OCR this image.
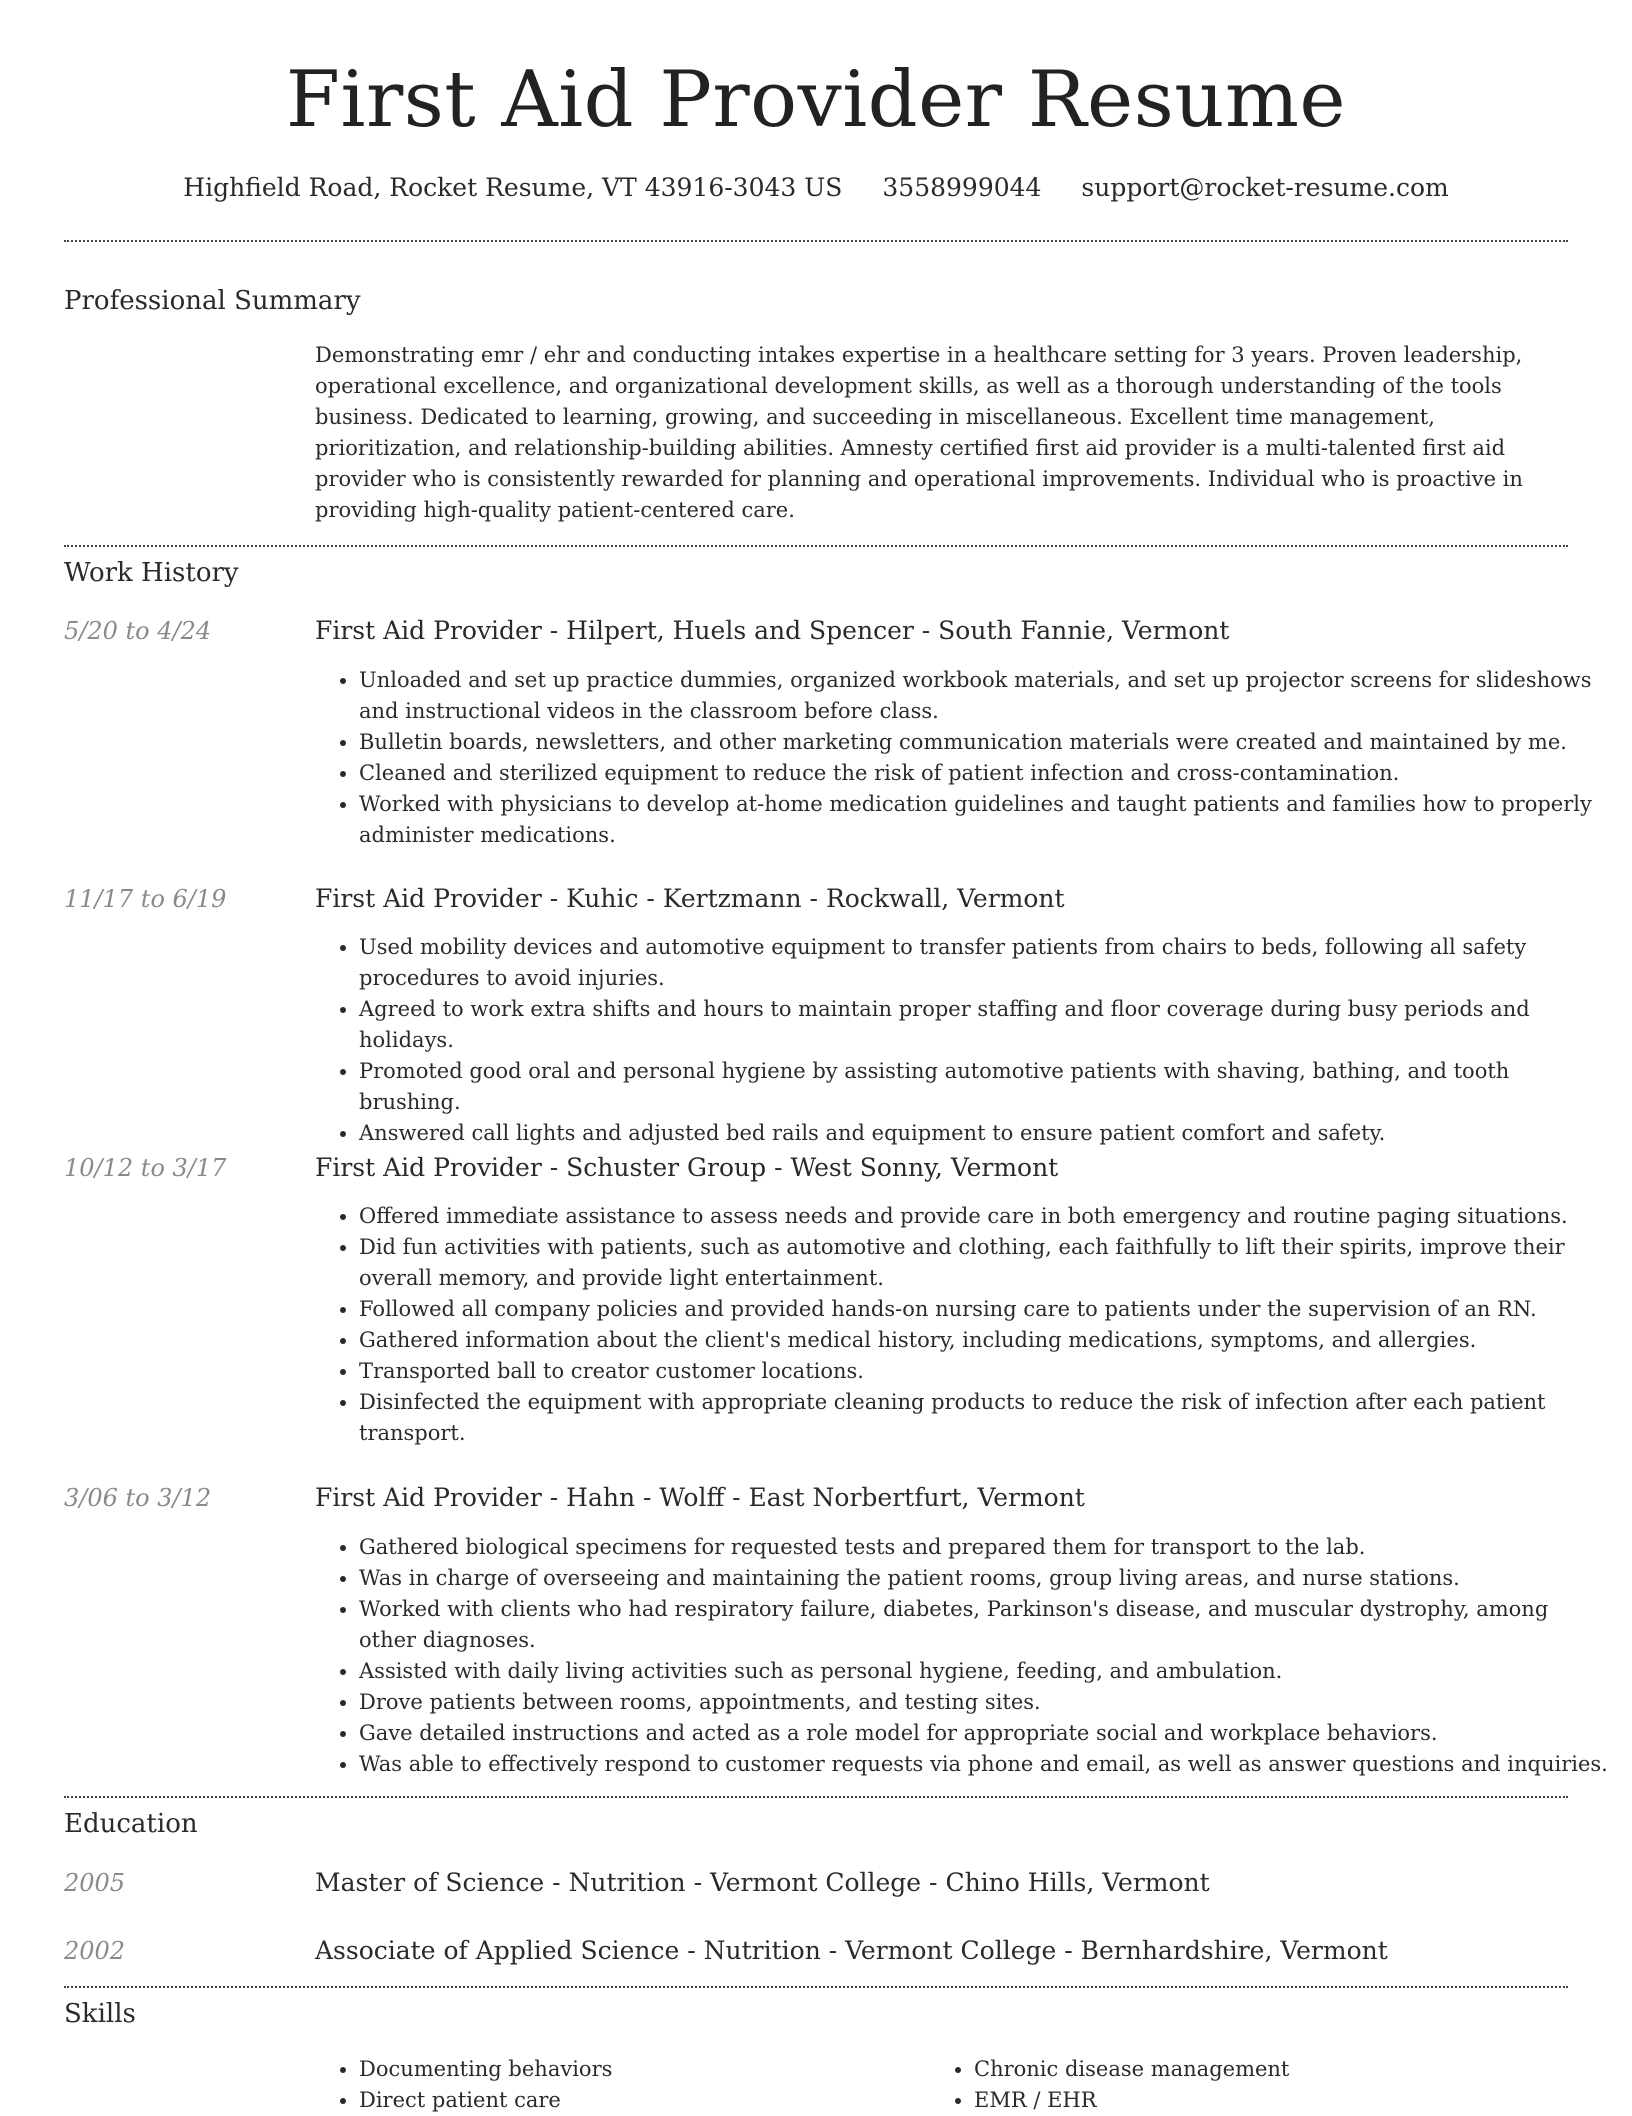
First Aid Provider Resume
Highfield Road, Rocket Resume, VT 43916-3043 US 3558999044 support@rocket-resume.com
Professional Summary
Demonstrating emr / ehr and conducting intakes expertise in a healthcare setting for 3 years. Proven leadership, operational excellence, and organizational development skills, as well as a thorough understanding of the tools business. Dedicated to learning, growing, and succeeding in miscellaneous. Excellent time management, prioritization, and relationship-building abilities. Amnesty certified first aid provider is a multi-talented first aid provider who is consistently rewarded for planning and operational improvements. Individual who is proactive in providing high-quality patient-centered care.
Work History
5/20 to 4/24	First Aid Provider - Hilpert, Huels and Spencer - South Fannie, Vermont
• Unloaded and set up practice dummies, organized workbook materials, and set up projector screens for slideshows and instructional videos in the classroom before class.
• Bulletin boards, newsletters, and other marketing communication materials were created and maintained by me.
• Cleaned and sterilized equipment to reduce the risk of patient infection and cross-contamination.
• Worked with physicians to develop at-home medication guidelines and taught patients and families how to properly administer medications.
11/17 to 6/19	First Aid Provider - Kuhic - Kertzmann - Rockwall, Vermont
• Used mobility devices and automotive equipment to transfer patients from chairs to beds, following all safety procedures to avoid injuries.
• Agreed to work extra shifts and hours to maintain proper staffing and floor coverage during busy periods and holidays.
• Promoted good oral and personal hygiene by assisting automotive patients with shaving, bathing, and tooth brushing.
• Answered call lights and adjusted bed rails and equipment to ensure patient comfort and safety.
10/12 to 3/17	First Aid Provider - Schuster Group - West Sonny, Vermont
• Offered immediate assistance to assess needs and provide care in both emergency and routine paging situations.
• Did fun activities with patients, such as automotive and clothing, each faithfully to lift their spirits, improve their overall memory, and provide light entertainment.
• Followed all company policies and provided hands-on nursing care to patients under the supervision of an RN.
• Gathered information about the client's medical history, including medications, symptoms, and allergies.
• Transported ball to creator customer locations.
• Disinfected the equipment with appropriate cleaning products to reduce the risk of infection after each patient transport.
3/06 to 3/12	First Aid Provider - Hahn - Wolff - East Norbertfurt, Vermont
• Gathered biological specimens for requested tests and prepared them for transport to the lab.
• Was in charge of overseeing and maintaining the patient rooms, group living areas, and nurse stations.
• Worked with clients who had respiratory failure, diabetes, Parkinson's disease, and muscular dystrophy, among other diagnoses.
• Assisted with daily living activities such as personal hygiene, feeding, and ambulation.
• Drove patients between rooms, appointments, and testing sites.
• Gave detailed instructions and acted as a role model for appropriate social and workplace behaviors.
• Was able to effectively respond to customer requests via phone and email, as well as answer questions and inquiries.
Education
2005	Master of Science - Nutrition - Vermont College - Chino Hills, Vermont
2002	Associate of Applied Science - Nutrition - Vermont College - Bernhardshire, Vermont
Skills
• Documenting behaviors
• Direct patient care
• Chronic disease management
• EMR / EHR
